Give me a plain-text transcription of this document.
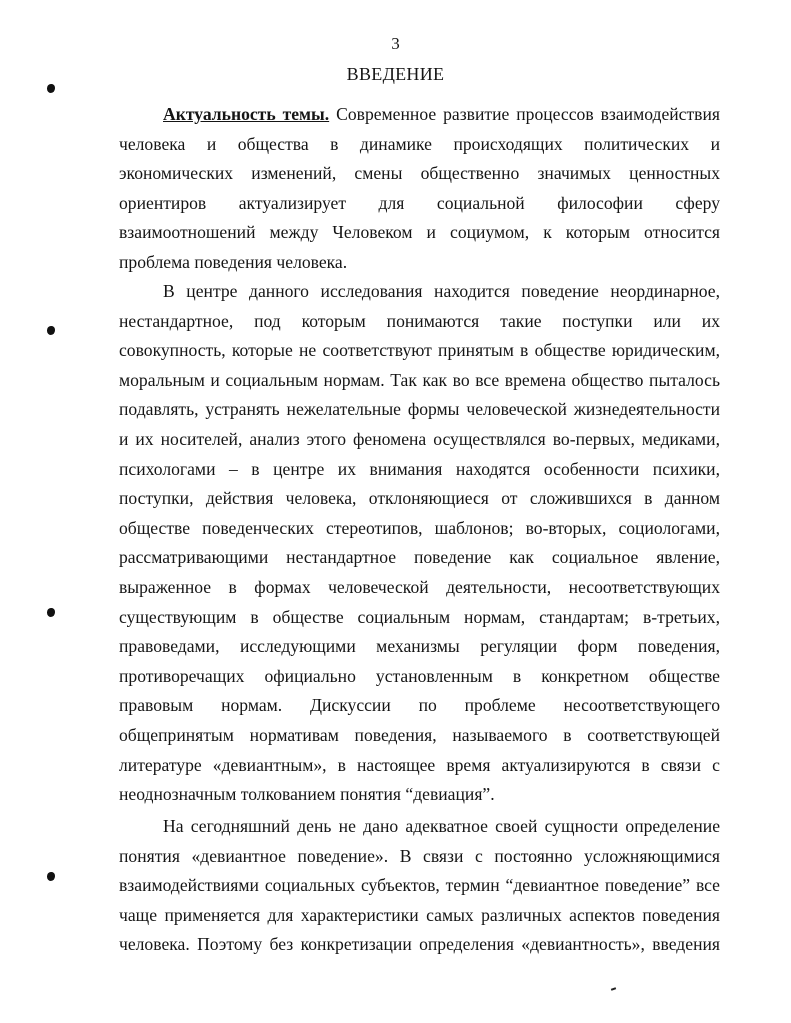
3
ВВЕДЕНИЕ
Актуальность темы. Современное развитие процессов взаимодействия
человека и общества в динамике происходящих политических и
экономических изменений, смены общественно значимых ценностных
ориентиров актуализирует для социальной философии сферу
взаимоотношений между Человеком и социумом, к которым относится
проблема поведения человека.
В центре данного исследования находится поведение неординарное,
нестандартное, под которым понимаются такие поступки или их
совокупность, которые не соответствуют принятым в обществе юридическим,
моральным и социальным нормам. Так как во все времена общество пыталось
подавлять, устранять нежелательные формы человеческой жизнедеятельности
и их носителей, анализ этого феномена осуществлялся во-первых, медиками,
психологами – в центре их внимания находятся особенности психики,
поступки, действия человека, отклоняющиеся от сложившихся в данном
обществе поведенческих стереотипов, шаблонов; во-вторых, социологами,
рассматривающими нестандартное поведение как социальное явление,
выраженное в формах человеческой деятельности, несоответствующих
существующим в обществе социальным нормам, стандартам; в-третьих,
правоведами, исследующими механизмы регуляции форм поведения,
противоречащих официально установленным в конкретном обществе
правовым нормам. Дискуссии по проблеме несоответствующего
общепринятым нормативам поведения, называемого в соответствующей
литературе «девиантным», в настоящее время актуализируются в связи с
неоднозначным толкованием понятия “девиация”.
На сегодняшний день не дано адекватное своей сущности определение
понятия «девиантное поведение». В связи с постоянно усложняющимися
взаимодействиями социальных субъектов, термин “девиантное поведение” все
чаще применяется для характеристики самых различных аспектов поведения
человека. Поэтому без конкретизации определения «девиантность», введения
